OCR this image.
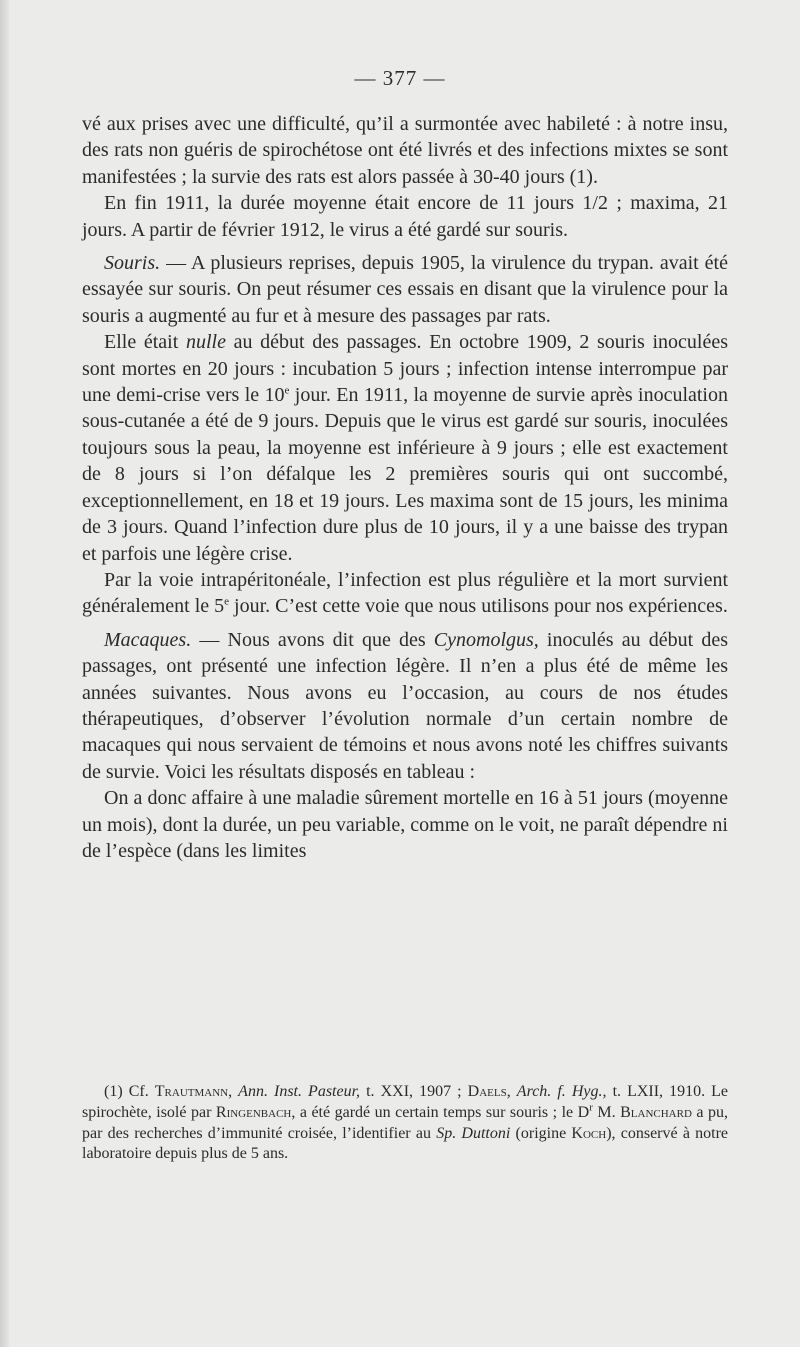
— 377 —

vé aux prises avec une difficulté, qu’il a surmontée avec habileté : à notre insu, des rats non guéris de spirochétose ont été livrés et des infections mixtes se sont manifestées ; la survie des rats est alors passée à 30-40 jours (1).

En fin 1911, la durée moyenne était encore de 11 jours 1/2 ; maxima, 21 jours. A partir de février 1912, le virus a été gardé sur souris.

Souris. — A plusieurs reprises, depuis 1905, la virulence du trypan. avait été essayée sur souris. On peut résumer ces essais en disant que la virulence pour la souris a augmenté au fur et à mesure des passages par rats.

Elle était nulle au début des passages. En octobre 1909, 2 souris inoculées sont mortes en 20 jours : incubation 5 jours ; infection intense interrompue par une demi-crise vers le 10e jour. En 1911, la moyenne de survie après inoculation sous-cutanée a été de 9 jours. Depuis que le virus est gardé sur souris, inoculées toujours sous la peau, la moyenne est inférieure à 9 jours ; elle est exactement de 8 jours si l’on défalque les 2 premières souris qui ont succombé, exceptionnellement, en 18 et 19 jours. Les maxima sont de 15 jours, les minima de 3 jours. Quand l’infection dure plus de 10 jours, il y a une baisse des trypan et parfois une légère crise.

Par la voie intrapéritonéale, l’infection est plus régulière et la mort survient généralement le 5e jour. C’est cette voie que nous utilisons pour nos expériences.

Macaques. — Nous avons dit que des Cynomolgus, inoculés au début des passages, ont présenté une infection légère. Il n’en a plus été de même les années suivantes. Nous avons eu l’occasion, au cours de nos études thérapeutiques, d’observer l’évolution normale d’un certain nombre de macaques qui nous servaient de témoins et nous avons noté les chiffres suivants de survie. Voici les résultats disposés en tableau :

On a donc affaire à une maladie sûrement mortelle en 16 à 51 jours (moyenne un mois), dont la durée, un peu variable, comme on le voit, ne paraît dépendre ni de l’espèce (dans les limites

(1) Cf. Trautmann, Ann. Inst. Pasteur, t. XXI, 1907 ; Daels, Arch. f. Hyg., t. LXII, 1910. Le spirochète, isolé par Ringenbach, a été gardé un certain temps sur souris ; le $D^r$ M. Blanchard a pu, par des recherches d’immunité croisée, l’identifier au Sp. Duttoni (origine Koch), conservé à notre laboratoire depuis plus de 5 ans.
